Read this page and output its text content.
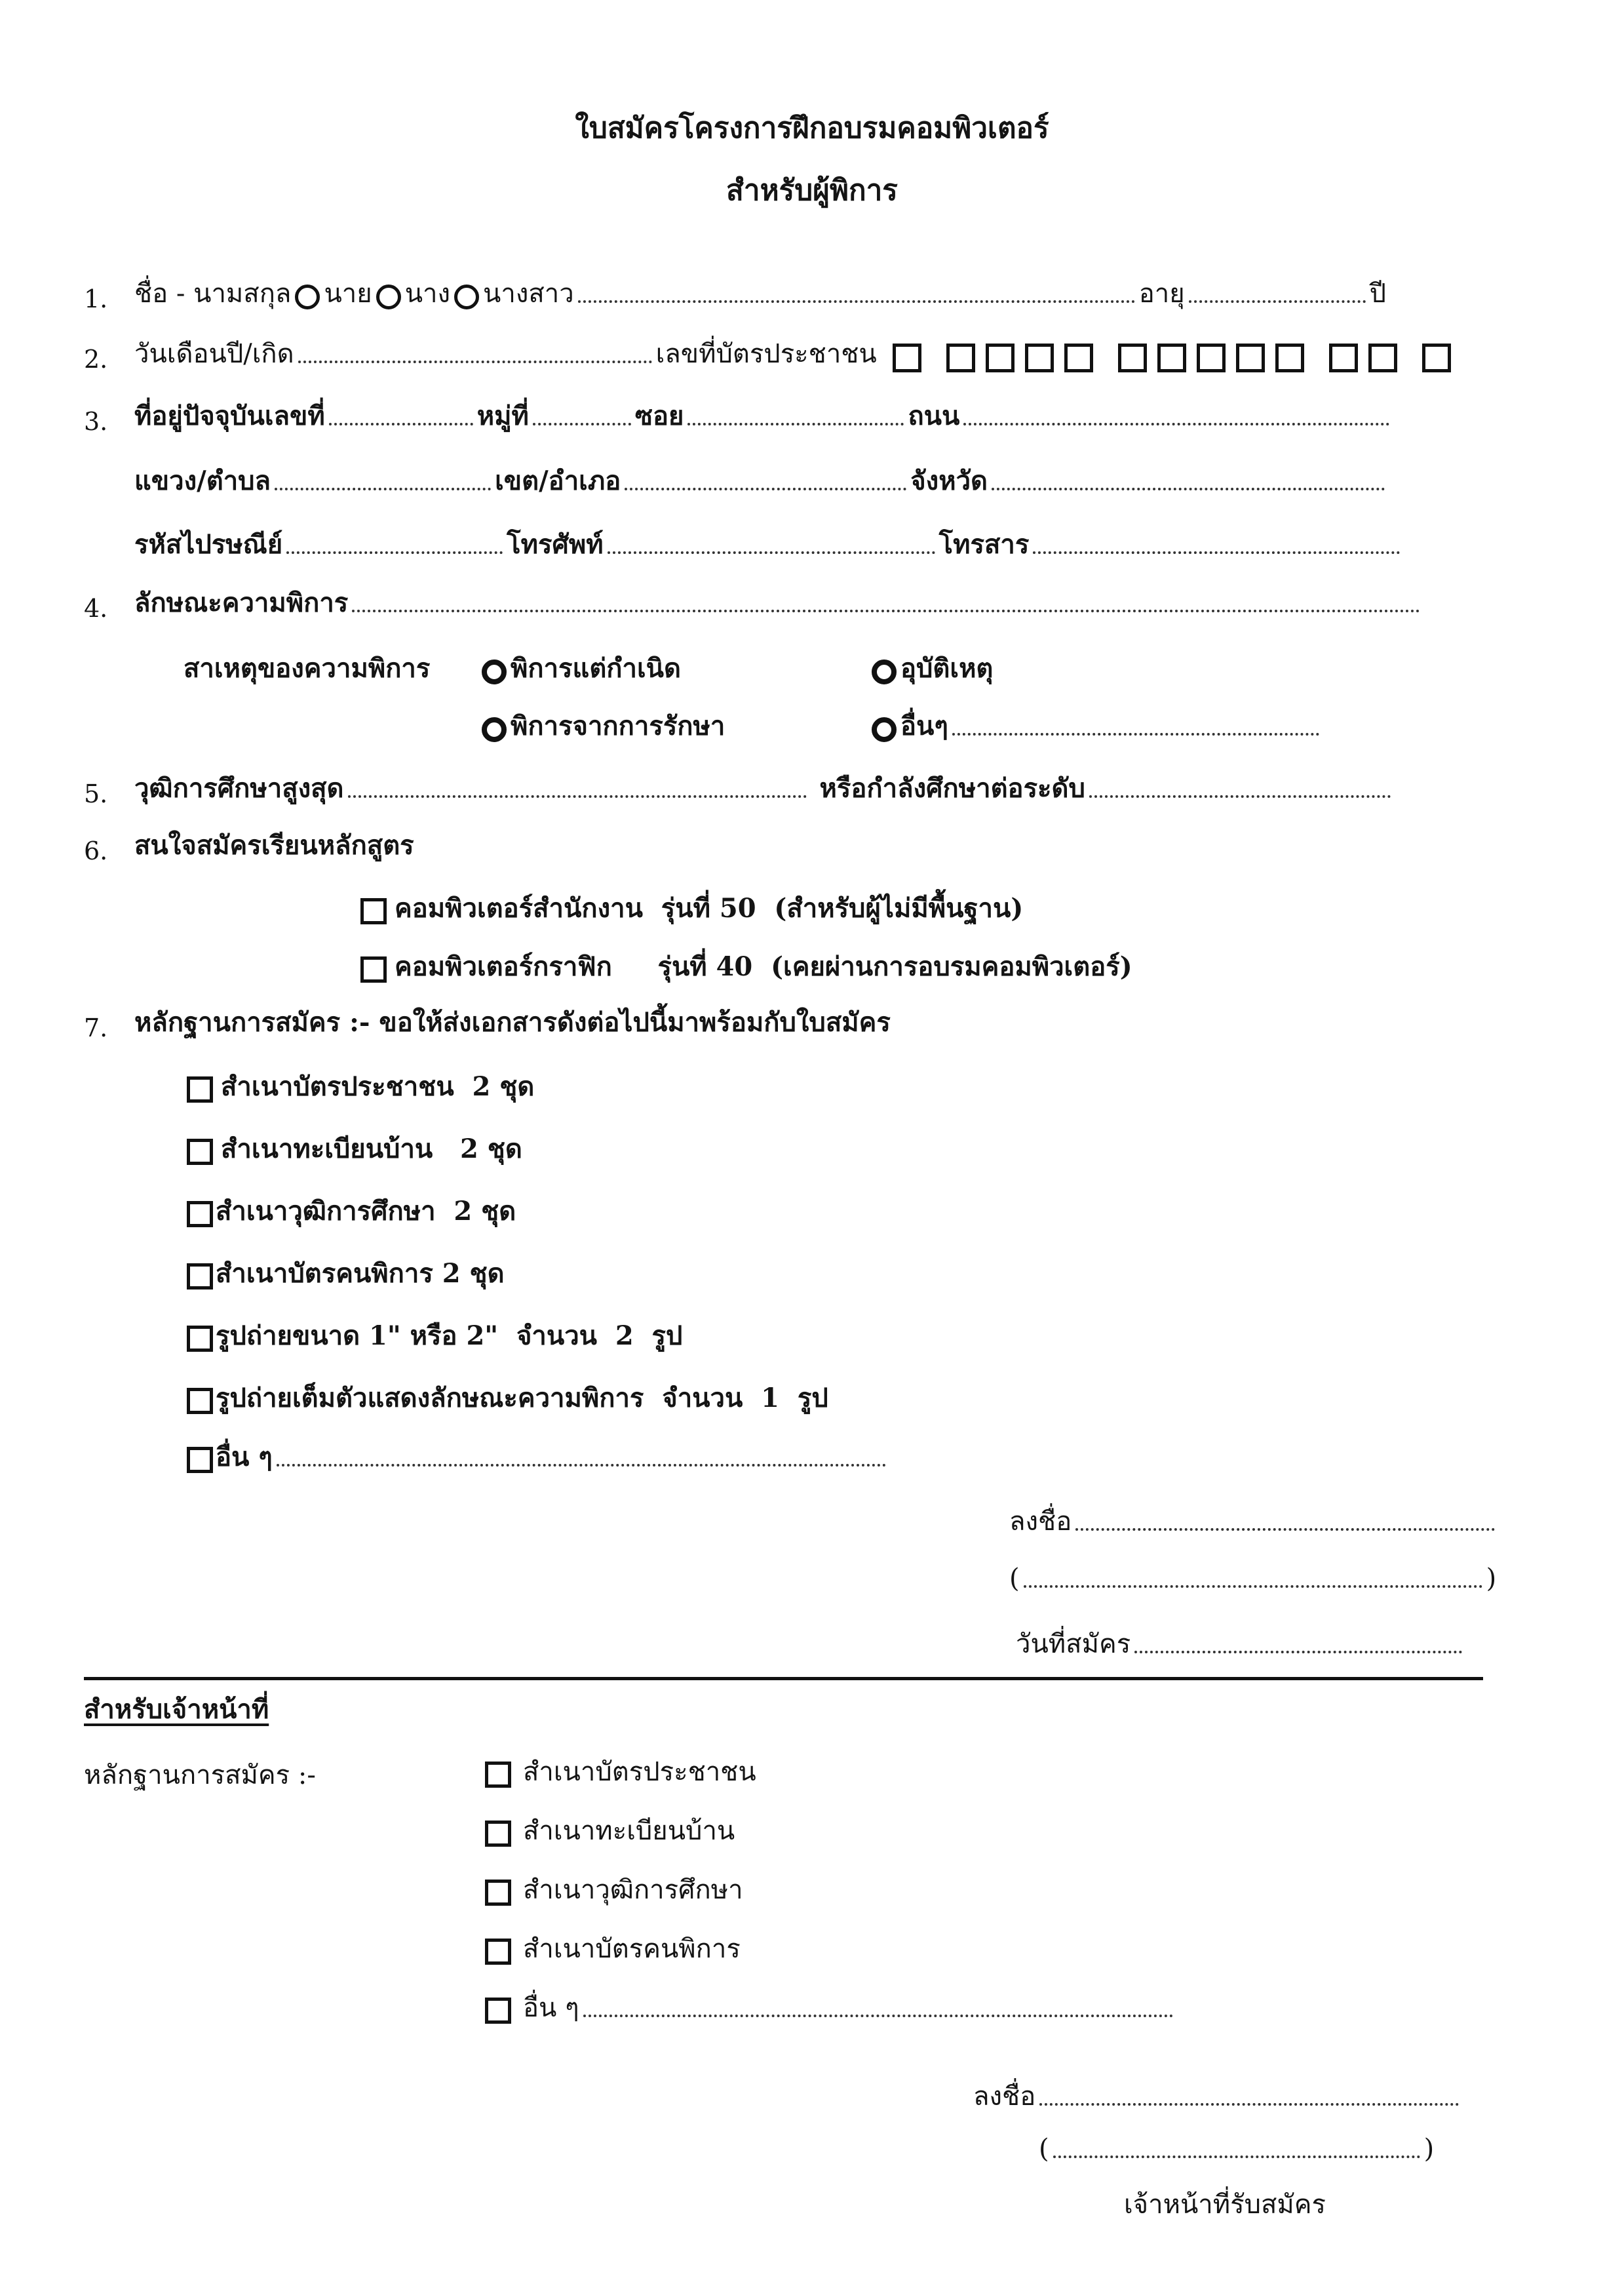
ใบสมัครโครงการฝึกอบรมคอมพิวเตอร์
สำหรับผู้พิการ
1. ชื่อ - นามสกุล นาย นาง นางสาว	อายุ	ปี
2. วันเดือนปี/เกิด	เลขที่บัตรประชาชน
3. ที่อยู่ปัจจุบันเลขที่	หมู่ที่	ซอย	ถนน
แขวง/ตำบล	เขต/อำเภอ	จังหวัด
รหัสไปรษณีย์	โทรศัพท์	โทรสาร
4. ลักษณะความพิการ
สาเหตุของความพิการ	พิการแต่กำเนิด	อุบัติเหตุ
พิการจากการรักษา	อื่นๆ
5. วุฒิการศึกษาสูงสุด	หรือกำลังศึกษาต่อระดับ
6. สนใจสมัครเรียนหลักสูตร
คอมพิวเตอร์สำนักงาน  รุ่นที่ 50  (สำหรับผู้ไม่มีพื้นฐาน)
คอมพิวเตอร์กราฟิก     รุ่นที่ 40  (เคยผ่านการอบรมคอมพิวเตอร์)
7. หลักฐานการสมัคร :- ขอให้ส่งเอกสารดังต่อไปนี้มาพร้อมกับใบสมัคร
สำเนาบัตรประชาชน  2 ชุด
สำเนาทะเบียนบ้าน   2 ชุด
สำเนาวุฒิการศึกษา  2 ชุด
สำเนาบัตรคนพิการ 2 ชุด
รูปถ่ายขนาด 1" หรือ 2"  จำนวน  2  รูป
รูปถ่ายเต็มตัวแสดงลักษณะความพิการ  จำนวน  1  รูป
อื่น ๆ
ลงชื่อ
(	)
วันที่สมัคร
สำหรับเจ้าหน้าที่
หลักฐานการสมัคร :-	สำเนาบัตรประชาชน
สำเนาทะเบียนบ้าน
สำเนาวุฒิการศึกษา
สำเนาบัตรคนพิการ
อื่น ๆ
ลงชื่อ
(	)
เจ้าหน้าที่รับสมัคร
